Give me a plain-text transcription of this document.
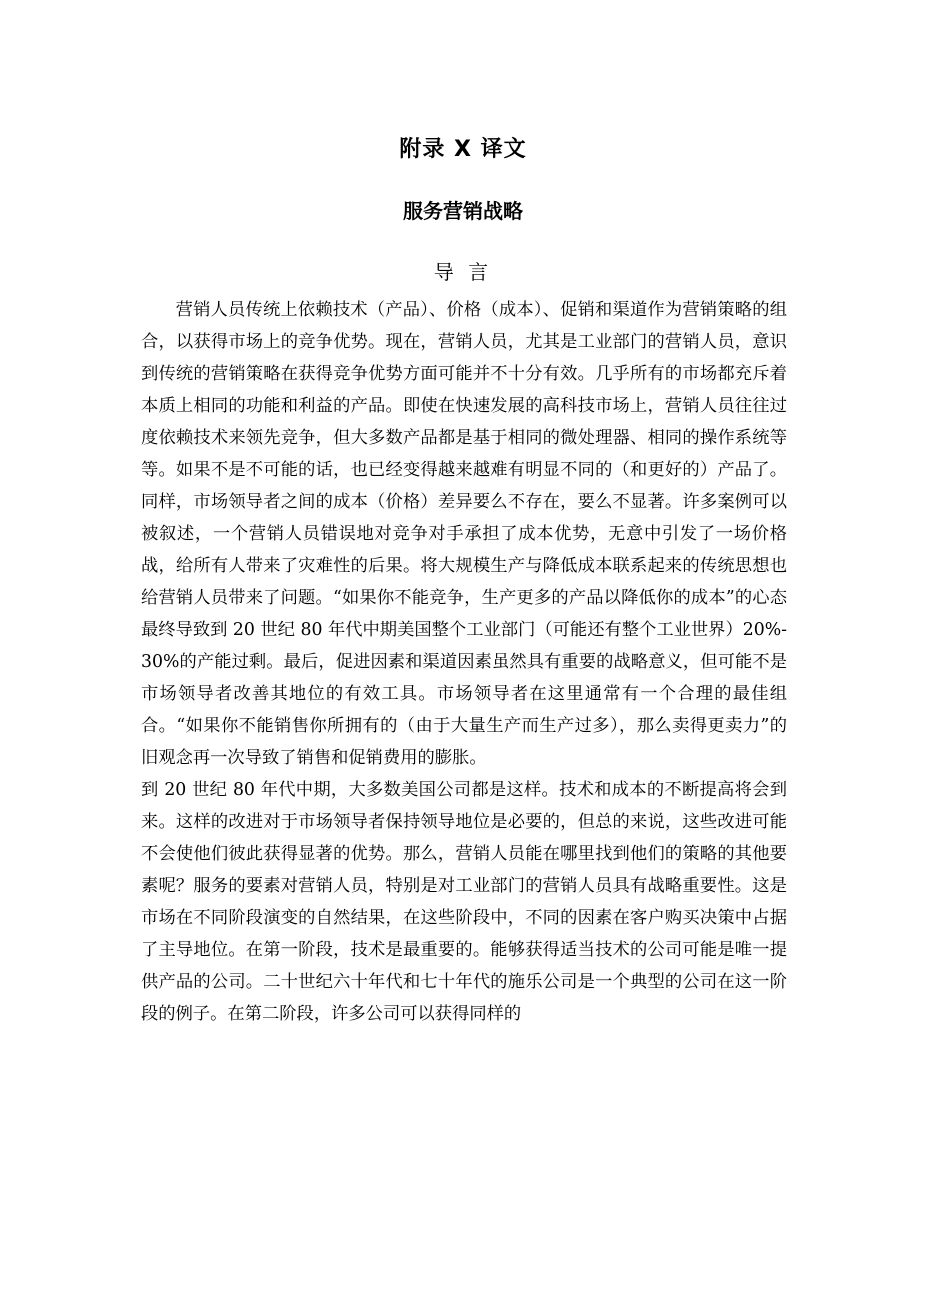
附录 X 译文
服务营销战略
导 言

营销人员传统上依赖技术（产品）、价格（成本）、促销和渠道作为营销策略的组合，以获得市场上的竞争优势。现在，营销人员，尤其是工业部门的营销人员，意识到传统的营销策略在获得竞争优势方面可能并不十分有效。几乎所有的市场都充斥着本质上相同的功能和利益的产品。即使在快速发展的高科技市场上，营销人员往往过度依赖技术来领先竞争，但大多数产品都是基于相同的微处理器、相同的操作系统等等。如果不是不可能的话，也已经变得越来越难有明显不同的（和更好的）产品了。同样，市场领导者之间的成本（价格）差异要么不存在，要么不显著。许多案例可以被叙述，一个营销人员错误地对竞争对手承担了成本优势，无意中引发了一场价格战，给所有人带来了灾难性的后果。将大规模生产与降低成本联系起来的传统思想也给营销人员带来了问题。“如果你不能竞争，生产更多的产品以降低你的成本”的心态最终导致到 20 世纪 80 年代中期美国整个工业部门（可能还有整个工业世界）20%-30%的产能过剩。最后，促进因素和渠道因素虽然具有重要的战略意义，但可能不是市场领导者改善其地位的有效工具。市场领导者在这里通常有一个合理的最佳组合。“如果你不能销售你所拥有的（由于大量生产而生产过多），那么卖得更卖力”的旧观念再一次导致了销售和促销费用的膨胀。

到 20 世纪 80 年代中期，大多数美国公司都是这样。技术和成本的不断提高将会到来。这样的改进对于市场领导者保持领导地位是必要的，但总的来说，这些改进可能不会使他们彼此获得显著的优势。那么，营销人员能在哪里找到他们的策略的其他要素呢？服务的要素对营销人员，特别是对工业部门的营销人员具有战略重要性。这是市场在不同阶段演变的自然结果，在这些阶段中，不同的因素在客户购买决策中占据了主导地位。在第一阶段，技术是最重要的。能够获得适当技术的公司可能是唯一提供产品的公司。二十世纪六十年代和七十年代的施乐公司是一个典型的公司在这一阶段的例子。在第二阶段，许多公司可以获得同样的
